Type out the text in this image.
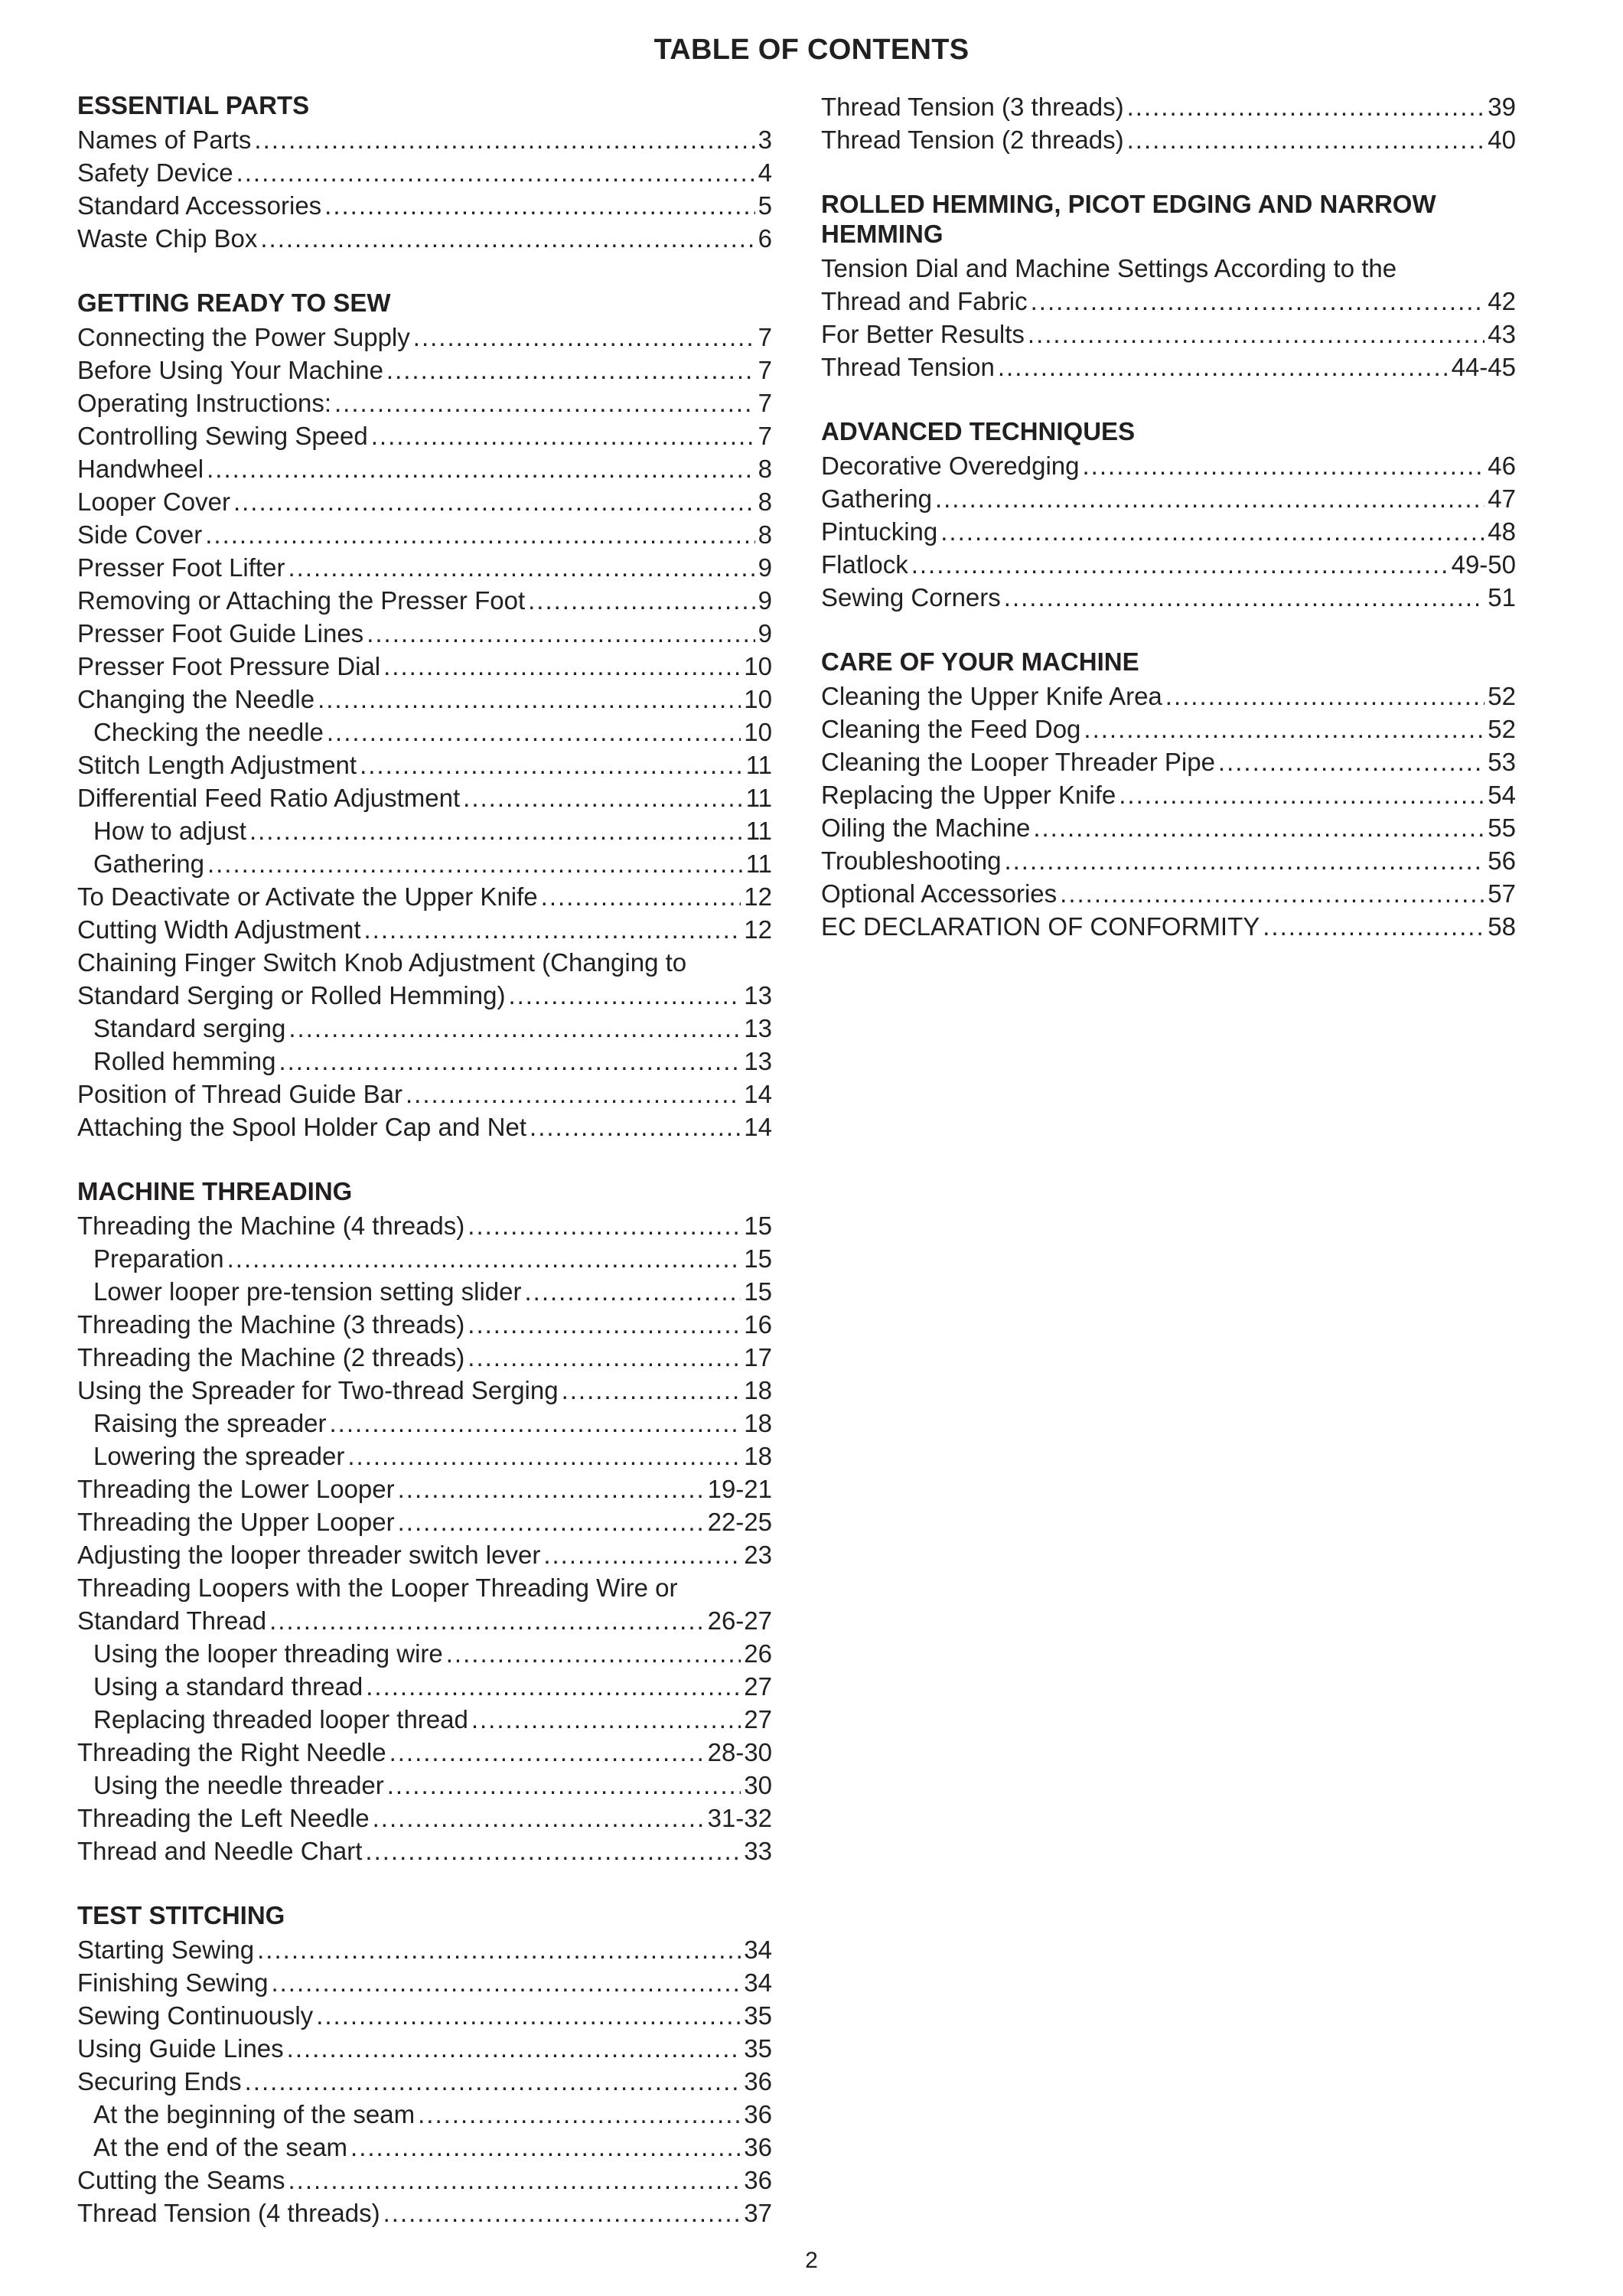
TABLE OF CONTENTS
ESSENTIAL PARTS
Names of Parts .....	3
Safety Device .....	4
Standard Accessories .....	5
Waste Chip Box .....	6
GETTING READY TO SEW
Connecting the Power Supply .....	7
Before Using Your Machine .....	7
Operating Instructions: .....	7
Controlling Sewing Speed .....	7
Handwheel .....	8
Looper Cover .....	8
Side Cover .....	8
Presser Foot Lifter .....	9
Removing or Attaching the Presser Foot .....	9
Presser Foot Guide Lines .....	9
Presser Foot Pressure Dial .....	10
Changing the Needle .....	10
Checking the needle .....	10
Stitch Length Adjustment .....	11
Differential Feed Ratio Adjustment .....	11
How to adjust .....	11
Gathering .....	11
To Deactivate or Activate the Upper Knife .....	12
Cutting Width Adjustment .....	12
Chaining Finger Switch Knob Adjustment (Changing to
Standard Serging or Rolled Hemming) .....	13
Standard serging .....	13
Rolled hemming .....	13
Position of Thread Guide Bar .....	14
Attaching the Spool Holder Cap and Net .....	14
MACHINE THREADING
Threading the Machine (4 threads) .....	15
Preparation .....	15
Lower looper pre-tension setting slider .....	15
Threading the Machine (3 threads) .....	16
Threading the Machine (2 threads) .....	17
Using the Spreader for Two-thread Serging .....	18
Raising the spreader .....	18
Lowering the spreader .....	18
Threading the Lower Looper .....	19-21
Threading the Upper Looper .....	22-25
Adjusting the looper threader switch lever .....	23
Threading Loopers with the Looper Threading Wire or
Standard Thread .....	26-27
Using the looper threading wire .....	26
Using a standard thread .....	27
Replacing threaded looper thread .....	27
Threading the Right Needle .....	28-30
Using the needle threader .....	30
Threading the Left Needle .....	31-32
Thread and Needle Chart .....	33
TEST STITCHING
Starting Sewing .....	34
Finishing Sewing .....	34
Sewing Continuously .....	35
Using Guide Lines .....	35
Securing Ends .....	36
At the beginning of the seam .....	36
At the end of the seam .....	36
Cutting the Seams .....	36
Thread Tension (4 threads) .....	37
Thread Tension (3 threads) .....	39
Thread Tension (2 threads) .....	40
ROLLED HEMMING, PICOT EDGING AND NARROW HEMMING
Tension Dial and Machine Settings According to the
Thread and Fabric .....	42
For Better Results .....	43
Thread Tension .....	44-45
ADVANCED TECHNIQUES
Decorative Overedging .....	46
Gathering .....	47
Pintucking .....	48
Flatlock .....	49-50
Sewing Corners .....	51
CARE OF YOUR MACHINE
Cleaning the Upper Knife Area .....	52
Cleaning the Feed Dog .....	52
Cleaning the Looper Threader Pipe .....	53
Replacing the Upper Knife .....	54
Oiling the Machine .....	55
Troubleshooting .....	56
Optional Accessories .....	57
EC DECLARATION OF CONFORMITY .....	58
2
